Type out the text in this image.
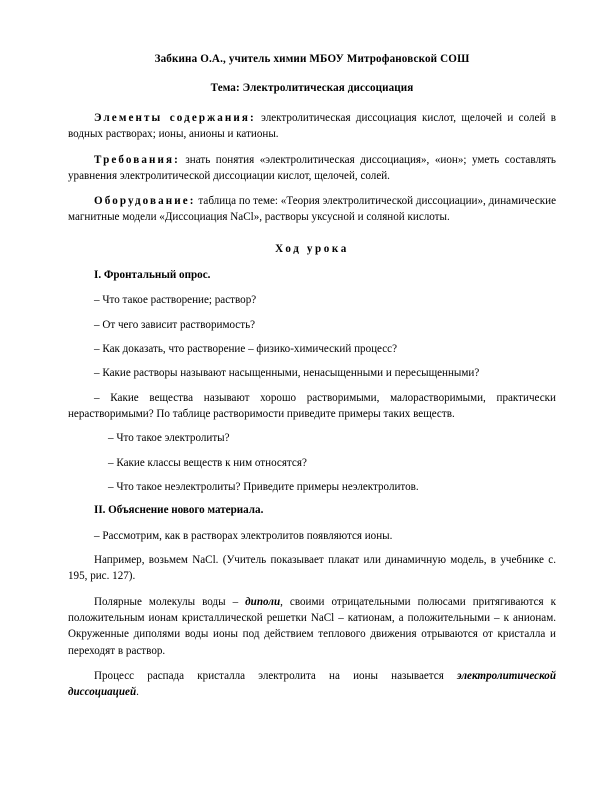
Забкина О.А., учитель химии МБОУ Митрофановской СОШ
Тема: Электролитическая диссоциация

Элементы содержания: электролитическая диссоциация кислот, щелочей и солей в водных растворах; ионы, анионы и катионы.

Требования: знать понятия «электролитическая диссоциация», «ион»; уметь составлять уравнения электролитической диссоциации кислот, щелочей, солей.

Оборудование: таблица по теме: «Теория электролитической диссоциации», динамические магнитные модели «Диссоциация NaCl», растворы уксусной и соляной кислоты.

Ход урока
I. Фронтальный опрос.

– Что такое растворение; раствор?

– От чего зависит растворимость?

– Как доказать, что растворение – физико-химический процесс?

– Какие растворы называют насыщенными, ненасыщенными и пересыщенными?

– Какие вещества называют хорошо растворимыми, малорастворимыми, практически нерастворимыми? По таблице растворимости приведите примеры таких веществ.

– Что такое электролиты?

– Какие классы веществ к ним относятся?

– Что такое неэлектролиты? Приведите примеры неэлектролитов.

II. Объяснение нового материала.

– Рассмотрим, как в растворах электролитов появляются ионы.

Например, возьмем NaCl. (Учитель показывает плакат или динамичную модель, в учебнике с. 195, рис. 127).

Полярные молекулы воды – диполи, своими отрицательными полюсами притягиваются к положительным ионам кристаллической решетки NaCl – катионам, а положительными – к анионам. Окруженные диполями воды ионы под действием теплового движения отрываются от кристалла и переходят в раствор.

Процесс распада кристалла электролита на ионы называется электролитической диссоциацией.
